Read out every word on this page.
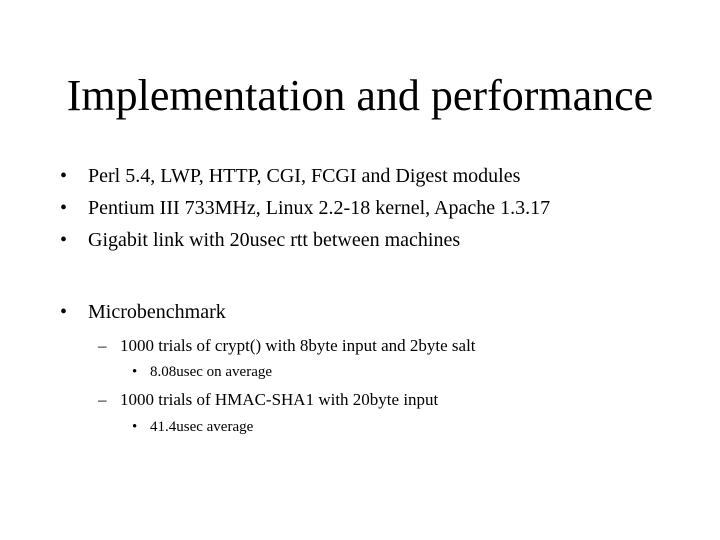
Implementation and performance
• Perl 5.4, LWP, HTTP, CGI, FCGI and Digest modules
• Pentium III 733MHz, Linux 2.2-18 kernel, Apache 1.3.17
• Gigabit link with 20usec rtt between machines
• Microbenchmark
– 1000 trials of crypt() with 8byte input and 2byte salt
• 8.08usec on average
– 1000 trials of HMAC-SHA1 with 20byte input
• 41.4usec average
